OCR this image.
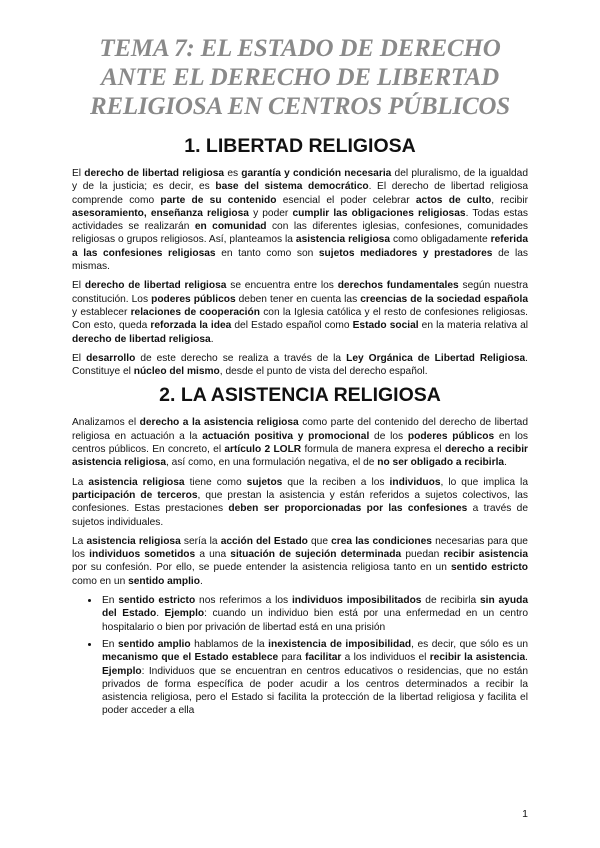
TEMA 7: EL ESTADO DE DERECHO
ANTE EL DERECHO DE LIBERTAD
RELIGIOSA EN CENTROS PÚBLICOS
1. LIBERTAD RELIGIOSA

El derecho de libertad religiosa es garantía y condición necesaria del pluralismo, de la igualdad y de la justicia; es decir, es base del sistema democrático. El derecho de libertad religiosa comprende como parte de su contenido esencial el poder celebrar actos de culto, recibir asesoramiento, enseñanza religiosa y poder cumplir las obligaciones religiosas. Todas estas actividades se realizarán en comunidad con las diferentes iglesias, confesiones, comunidades religiosas o grupos religiosos. Así, planteamos la asistencia religiosa como obligadamente referida a las confesiones religiosas en tanto como son sujetos mediadores y prestadores de las mismas.

El derecho de libertad religiosa se encuentra entre los derechos fundamentales según nuestra constitución. Los poderes públicos deben tener en cuenta las creencias de la sociedad española y establecer relaciones de cooperación con la Iglesia católica y el resto de confesiones religiosas. Con esto, queda reforzada la idea del Estado español como Estado social en la materia relativa al derecho de libertad religiosa.

El desarrollo de este derecho se realiza a través de la Ley Orgánica de Libertad Religiosa. Constituye el núcleo del mismo, desde el punto de vista del derecho español.

2. LA ASISTENCIA RELIGIOSA

Analizamos el derecho a la asistencia religiosa como parte del contenido del derecho de libertad religiosa en actuación a la actuación positiva y promocional de los poderes públicos en los centros públicos. En concreto, el artículo 2 LOLR formula de manera expresa el derecho a recibir asistencia religiosa, así como, en una formulación negativa, el de no ser obligado a recibirla.

La asistencia religiosa tiene como sujetos que la reciben a los individuos, lo que implica la participación de terceros, que prestan la asistencia y están referidos a sujetos colectivos, las confesiones. Estas prestaciones deben ser proporcionadas por las confesiones a través de sujetos individuales.

La asistencia religiosa sería la acción del Estado que crea las condiciones necesarias para que los individuos sometidos a una situación de sujeción determinada puedan recibir asistencia por su confesión. Por ello, se puede entender la asistencia religiosa tanto en un sentido estricto como en un sentido amplio.

• En sentido estricto nos referimos a los individuos imposibilitados de recibirla sin ayuda del Estado. Ejemplo: cuando un individuo bien está por una enfermedad en un centro hospitalario o bien por privación de libertad está en una prisión
• En sentido amplio hablamos de la inexistencia de imposibilidad, es decir, que sólo es un mecanismo que el Estado establece para facilitar a los individuos el recibir la asistencia. Ejemplo: Individuos que se encuentran en centros educativos o residencias, que no están privados de forma específica de poder acudir a los centros determinados a recibir la asistencia religiosa, pero el Estado si facilita la protección de la libertad religiosa y facilita el poder acceder a ella
1
